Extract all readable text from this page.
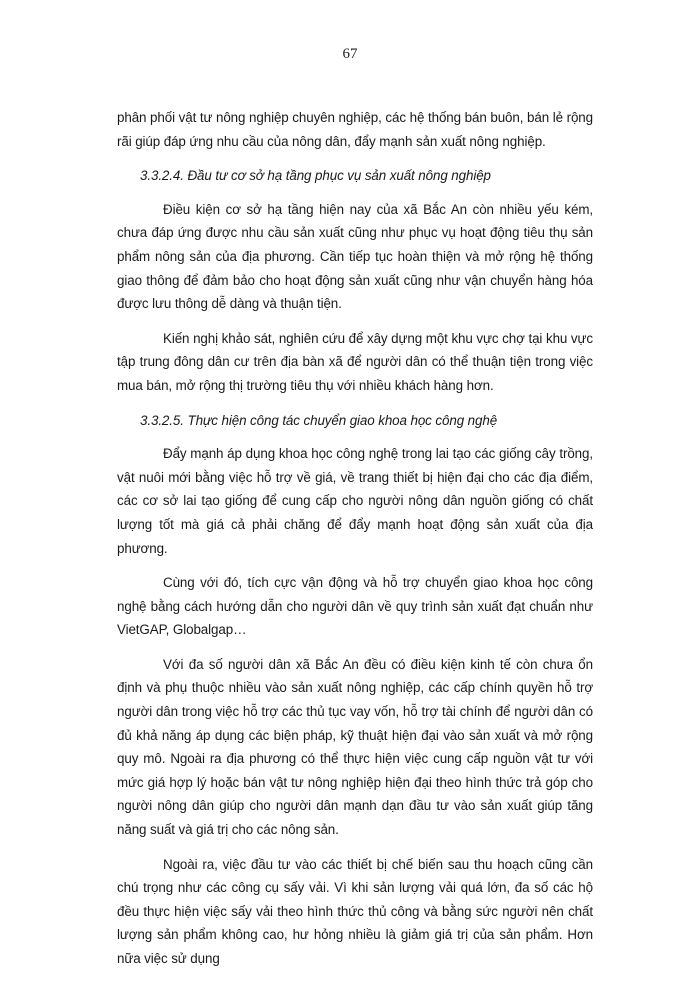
67

phân phối vật tư nông nghiệp chuyên nghiệp, các hệ thống bán buôn, bán lẻ rộng rãi giúp đáp ứng nhu cầu của nông dân, đẩy mạnh sản xuất nông nghiệp.

3.3.2.4. Đầu tư cơ sở hạ tầng phục vụ sản xuất nông nghiệp

Điều kiện cơ sở hạ tầng hiện nay của xã Bắc An còn nhiều yếu kém, chưa đáp ứng được nhu cầu sản xuất cũng như phục vụ hoạt động tiêu thụ sản phẩm nông sản của địa phương. Cần tiếp tục hoàn thiện và mở rộng hệ thống giao thông để đảm bảo cho hoạt động sản xuất cũng như vận chuyển hàng hóa được lưu thông dễ dàng và thuận tiện.

Kiến nghị khảo sát, nghiên cứu để xây dựng một khu vực chợ tại khu vực tập trung đông dân cư trên địa bàn xã để người dân có thể thuận tiện trong việc mua bán, mở rộng thị trường tiêu thụ với nhiều khách hàng hơn.

3.3.2.5. Thực hiện công tác chuyển giao khoa học công nghệ

Đẩy mạnh áp dụng khoa học công nghệ trong lai tạo các giống cây trồng, vật nuôi mới bằng việc hỗ trợ về giá, về trang thiết bị hiện đại cho các địa điểm, các cơ sở lai tạo giống để cung cấp cho người nông dân nguồn giống có chất lượng tốt mà giá cả phải chăng để đẩy mạnh hoạt động sản xuất của địa phương.

Cùng với đó, tích cực vận động và hỗ trợ chuyển giao khoa học công nghệ bằng cách hướng dẫn cho người dân về quy trình sản xuất đạt chuẩn như VietGAP, Globalgap…

Với đa số người dân xã Bắc An đều có điều kiện kinh tế còn chưa ổn định và phụ thuộc nhiều vào sản xuất nông nghiệp, các cấp chính quyền hỗ trợ người dân trong việc hỗ trợ các thủ tục vay vốn, hỗ trợ tài chính để người dân có đủ khả năng áp dụng các biện pháp, kỹ thuật hiện đại vào sản xuất và mở rộng quy mô. Ngoài ra địa phương có thể thực hiện việc cung cấp nguồn vật tư với mức giá hợp lý hoặc bán vật tư nông nghiệp hiện đại theo hình thức trả góp cho người nông dân giúp cho người dân mạnh dạn đầu tư vào sản xuất giúp tăng năng suất và giá trị cho các nông sản.

Ngoài ra, việc đầu tư vào các thiết bị chế biến sau thu hoạch cũng cần chú trọng như các công cụ sấy vải. Vì khi sản lượng vải quá lớn, đa số các hộ đều thực hiện việc sấy vải theo hình thức thủ công và bằng sức người nên chất lượng sản phẩm không cao, hư hỏng nhiều là giảm giá trị của sản phẩm. Hơn nữa việc sử dụng
